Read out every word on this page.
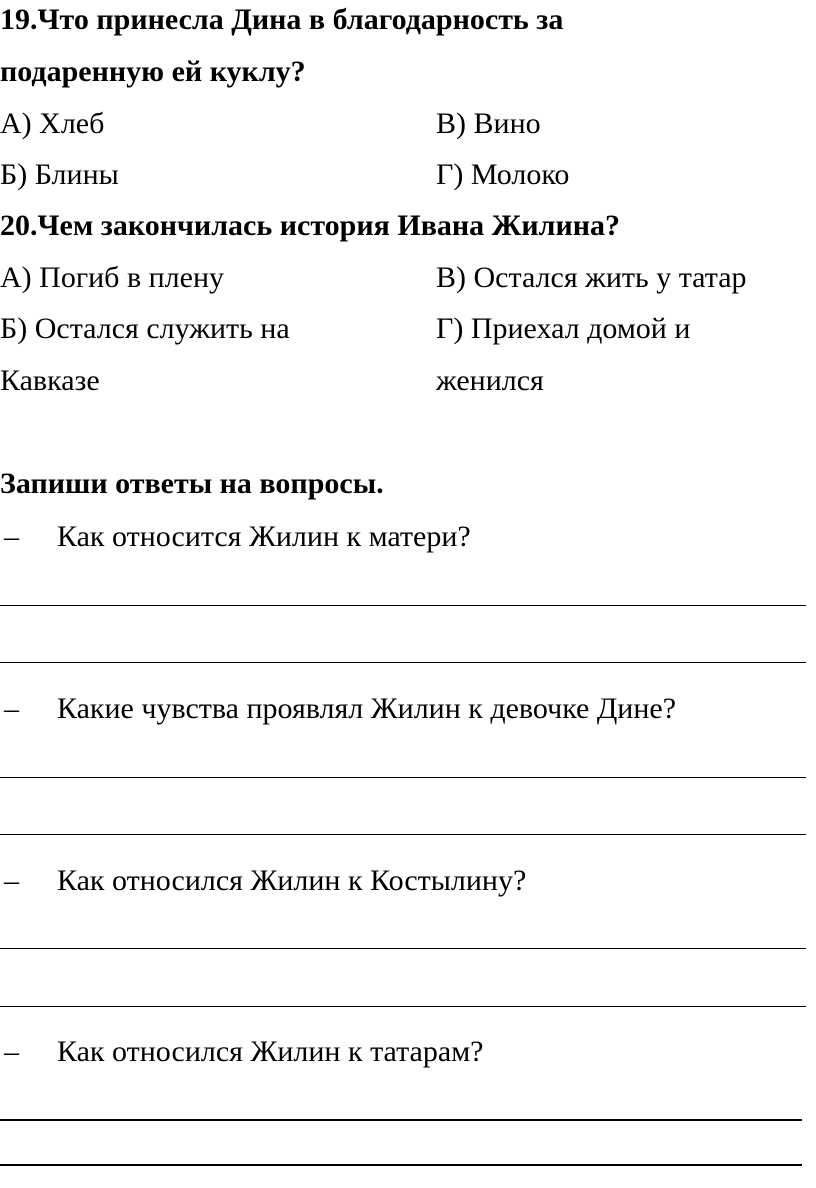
19.Что принесла Дина в благодарность за
подаренную ей куклу?
А) Хлеб	В) Вино
Б) Блины	Г) Молоко
20.Чем закончилась история Ивана Жилина?
А) Погиб в плену	В) Остался жить у татар
Б) Остался служить на	Г) Приехал домой и
Кавказе	женился
Запиши ответы на вопросы.
– Как относится Жилин к матери?
– Какие чувства проявлял Жилин к девочке Дине?
– Как относился Жилин к Костылину?
– Как относился Жилин к татарам?
